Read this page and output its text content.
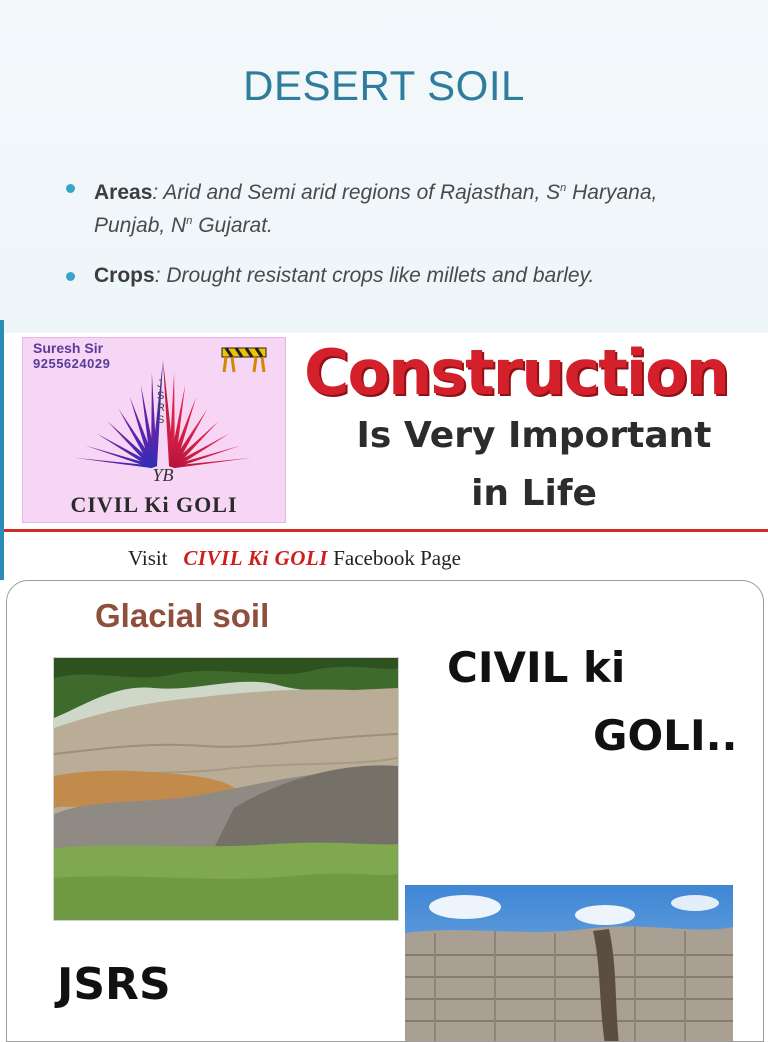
DESERT SOIL
Areas: Arid and Semi arid regions of Rajasthan, $S^n$ Haryana, Punjab, $N^n$ Gujarat.
Crops: Drought resistant crops like millets and barley.
Suresh Sir
9255624029
YB
JSRS
CIVIL Ki GOLI
Construction
Is Very Important
in Life
Visit CIVIL Ki GOLI Facebook Page
Glacial soil
CIVIL ki
GOLI..
JSRS
